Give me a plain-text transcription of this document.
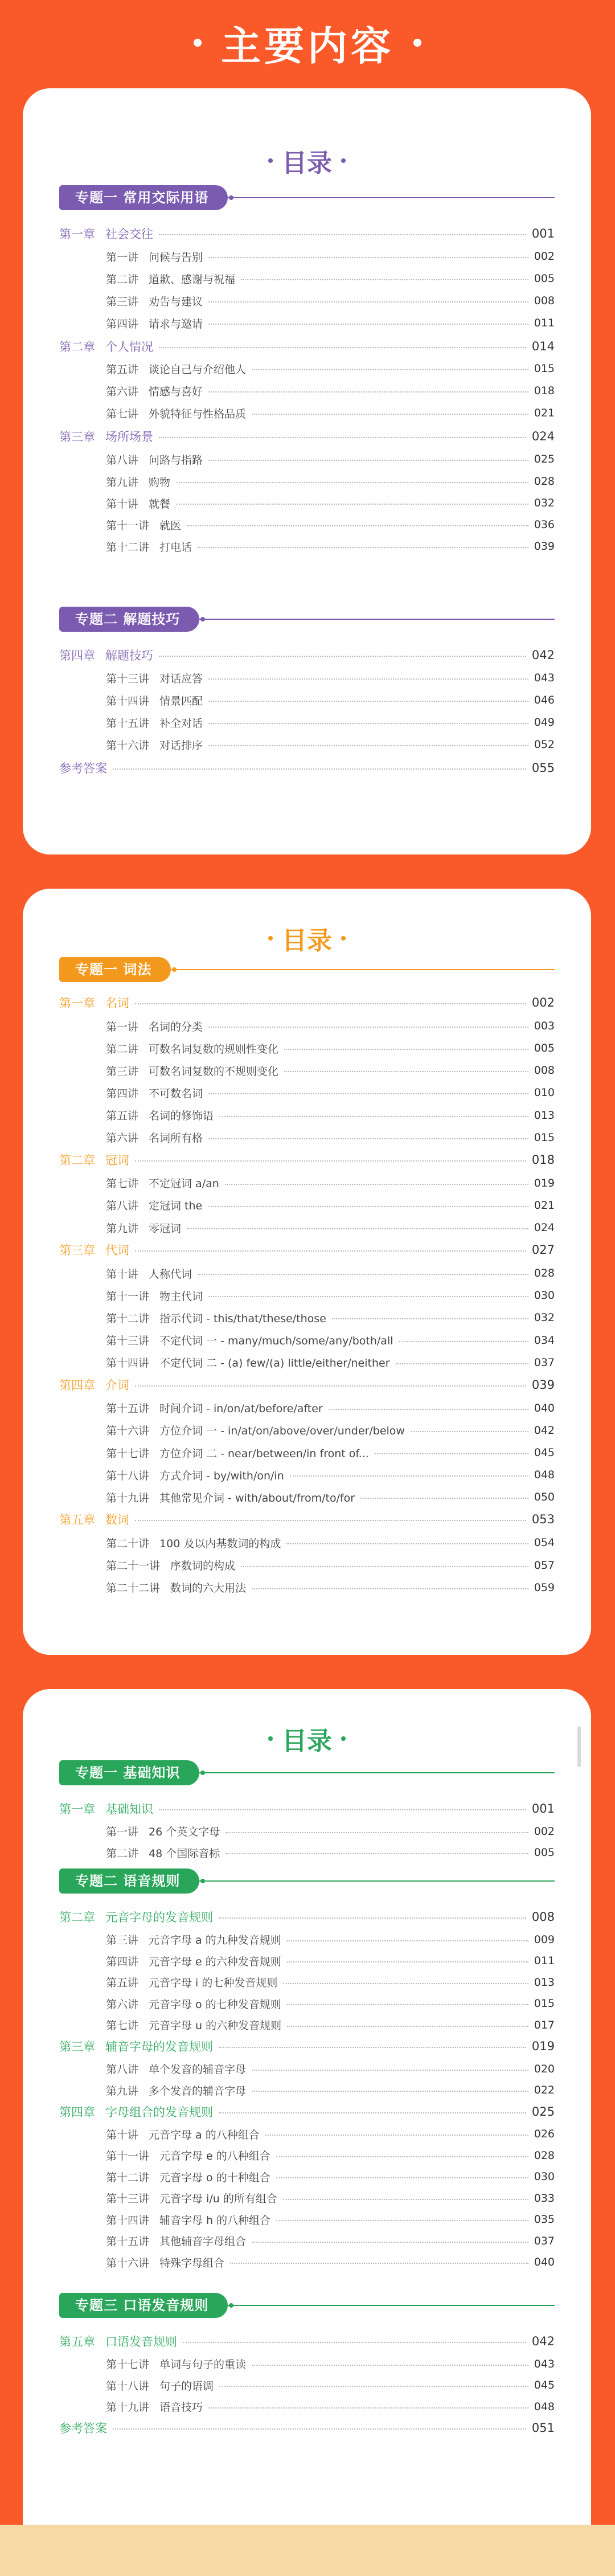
主要内容
目录
专题一 常用交际用语
第一章 社会交往	001
第一讲 问候与告别	002
第二讲 道歉、感谢与祝福	005
第三讲 劝告与建议	008
第四讲 请求与邀请	011
第二章 个人情况	014
第五讲 谈论自己与介绍他人	015
第六讲 情感与喜好	018
第七讲 外貌特征与性格品质	021
第三章 场所场景	024
第八讲 问路与指路	025
第九讲 购物	028
第十讲 就餐	032
第十一讲 就医	036
第十二讲 打电话	039
专题二 解题技巧
第四章 解题技巧	042
第十三讲 对话应答	043
第十四讲 情景匹配	046
第十五讲 补全对话	049
第十六讲 对话排序	052
参考答案	055
目录
专题一 词法
第一章 名词	002
第一讲 名词的分类	003
第二讲 可数名词复数的规则性变化	005
第三讲 可数名词复数的不规则变化	008
第四讲 不可数名词	010
第五讲 名词的修饰语	013
第六讲 名词所有格	015
第二章 冠词	018
第七讲 不定冠词 a/an	019
第八讲 定冠词 the	021
第九讲 零冠词	024
第三章 代词	027
第十讲 人称代词	028
第十一讲 物主代词	030
第十二讲 指示代词 - this/that/these/those	032
第十三讲 不定代词 一 - many/much/some/any/both/all	034
第十四讲 不定代词 二 - (a) few/(a) little/either/neither	037
第四章 介词	039
第十五讲 时间介词 - in/on/at/before/after	040
第十六讲 方位介词 一 - in/at/on/above/over/under/below	042
第十七讲 方位介词 二 - near/between/in front of...	045
第十八讲 方式介词 - by/with/on/in	048
第十九讲 其他常见介词 - with/about/from/to/for	050
第五章 数词	053
第二十讲 100 及以内基数词的构成	054
第二十一讲 序数词的构成	057
第二十二讲 数词的六大用法	059
目录
专题一 基础知识
第一章 基础知识	001
第一讲 26 个英文字母	002
第二讲 48 个国际音标	005
专题二 语音规则
第二章 元音字母的发音规则	008
第三讲 元音字母 a 的九种发音规则	009
第四讲 元音字母 e 的六种发音规则	011
第五讲 元音字母 i 的七种发音规则	013
第六讲 元音字母 o 的七种发音规则	015
第七讲 元音字母 u 的六种发音规则	017
第三章 辅音字母的发音规则	019
第八讲 单个发音的辅音字母	020
第九讲 多个发音的辅音字母	022
第四章 字母组合的发音规则	025
第十讲 元音字母 a 的八种组合	026
第十一讲 元音字母 e 的八种组合	028
第十二讲 元音字母 o 的十种组合	030
第十三讲 元音字母 i/u 的所有组合	033
第十四讲 辅音字母 h 的八种组合	035
第十五讲 其他辅音字母组合	037
第十六讲 特殊字母组合	040
专题三 口语发音规则
第五章 口语发音规则	042
第十七讲 单词与句子的重读	043
第十八讲 句子的语调	045
第十九讲 语音技巧	048
参考答案	051
